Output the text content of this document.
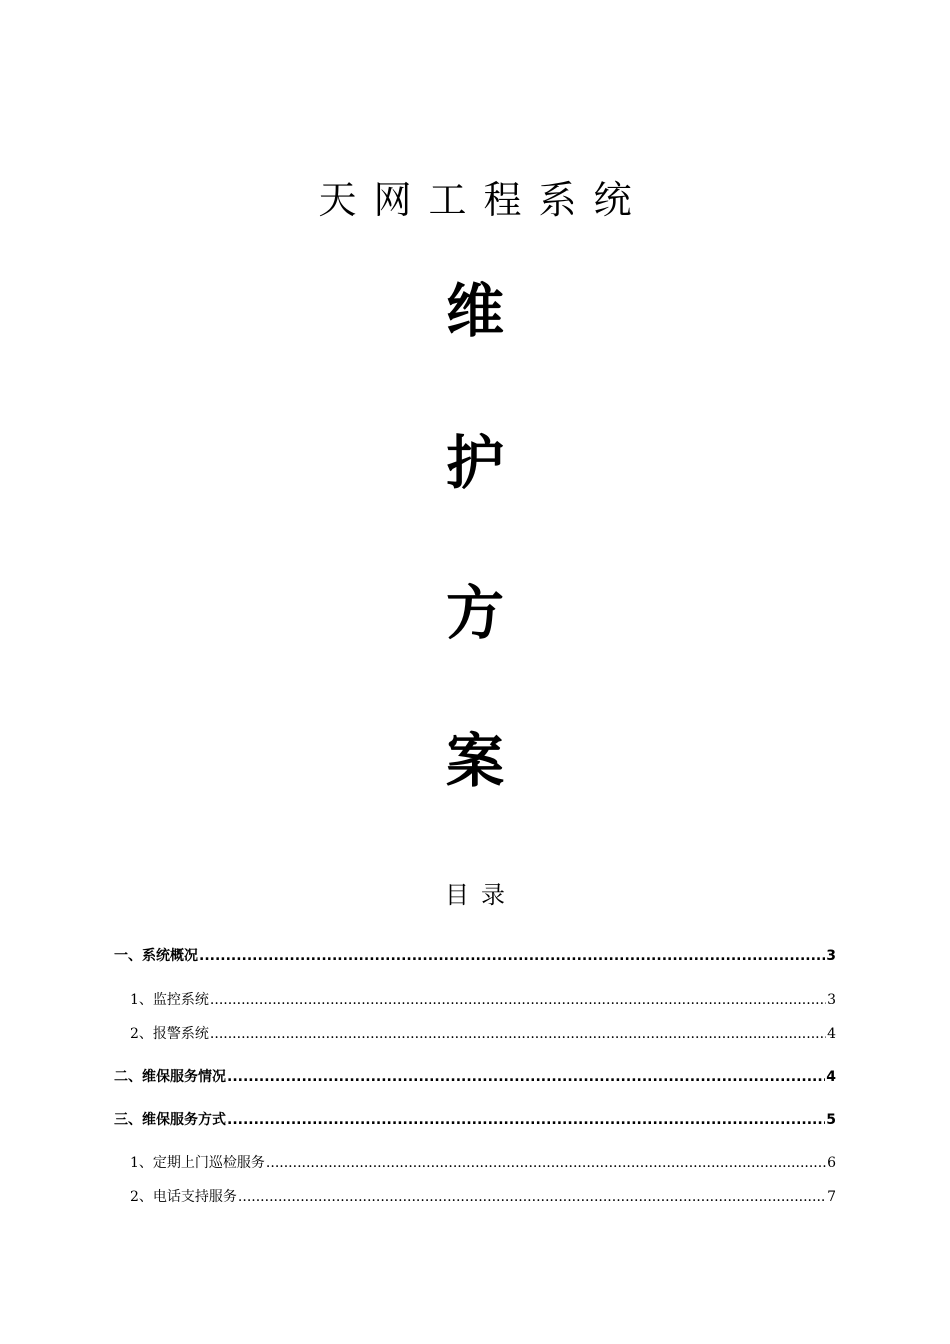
天网工程系统
维
护
方
案
目录
一、系统概况 .....	3
1、监控系统 .....	3
2、报警系统 .....	4
二、维保服务情况 .....	4
三、维保服务方式 .....	5
1、定期上门巡检服务 .....	6
2、电话支持服务 .....	7
